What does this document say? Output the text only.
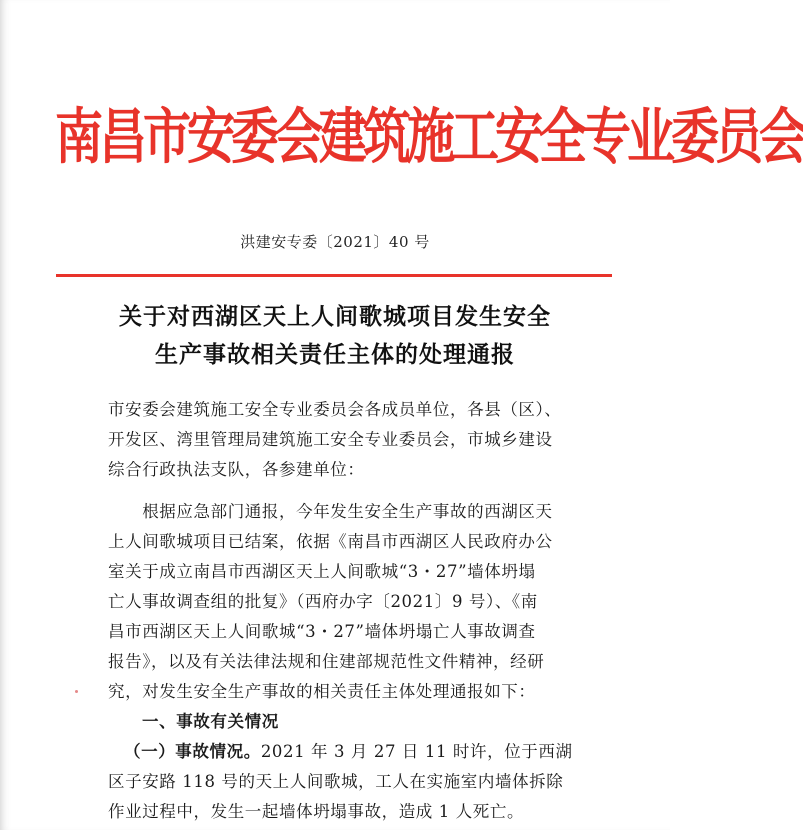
南昌市安委会建筑施工安全专业委员会
洪建安专委〔2021〕40 号
关于对西湖区天上人间歌城项目发生安全
生产事故相关责任主体的处理通报
市安委会建筑施工安全专业委员会各成员单位，各县（区）、
开发区、湾里管理局建筑施工安全专业委员会，市城乡建设
综合行政执法支队，各参建单位：
　　根据应急部门通报，今年发生安全生产事故的西湖区天
上人间歌城项目已结案，依据《南昌市西湖区人民政府办公
室关于成立南昌市西湖区天上人间歌城“3・27”墙体坍塌
亡人事故调查组的批复》（西府办字〔2021〕9 号）、《南
昌市西湖区天上人间歌城“3・27”墙体坍塌亡人事故调查
报告》，以及有关法律法规和住建部规范性文件精神，经研
究，对发生安全生产事故的相关责任主体处理通报如下：
一、事故有关情况
（一）事故情况。2021 年 3 月 27 日 11 时许，位于西湖
区子安路 118 号的天上人间歌城，工人在实施室内墙体拆除
作业过程中，发生一起墙体坍塌事故，造成 1 人死亡。
